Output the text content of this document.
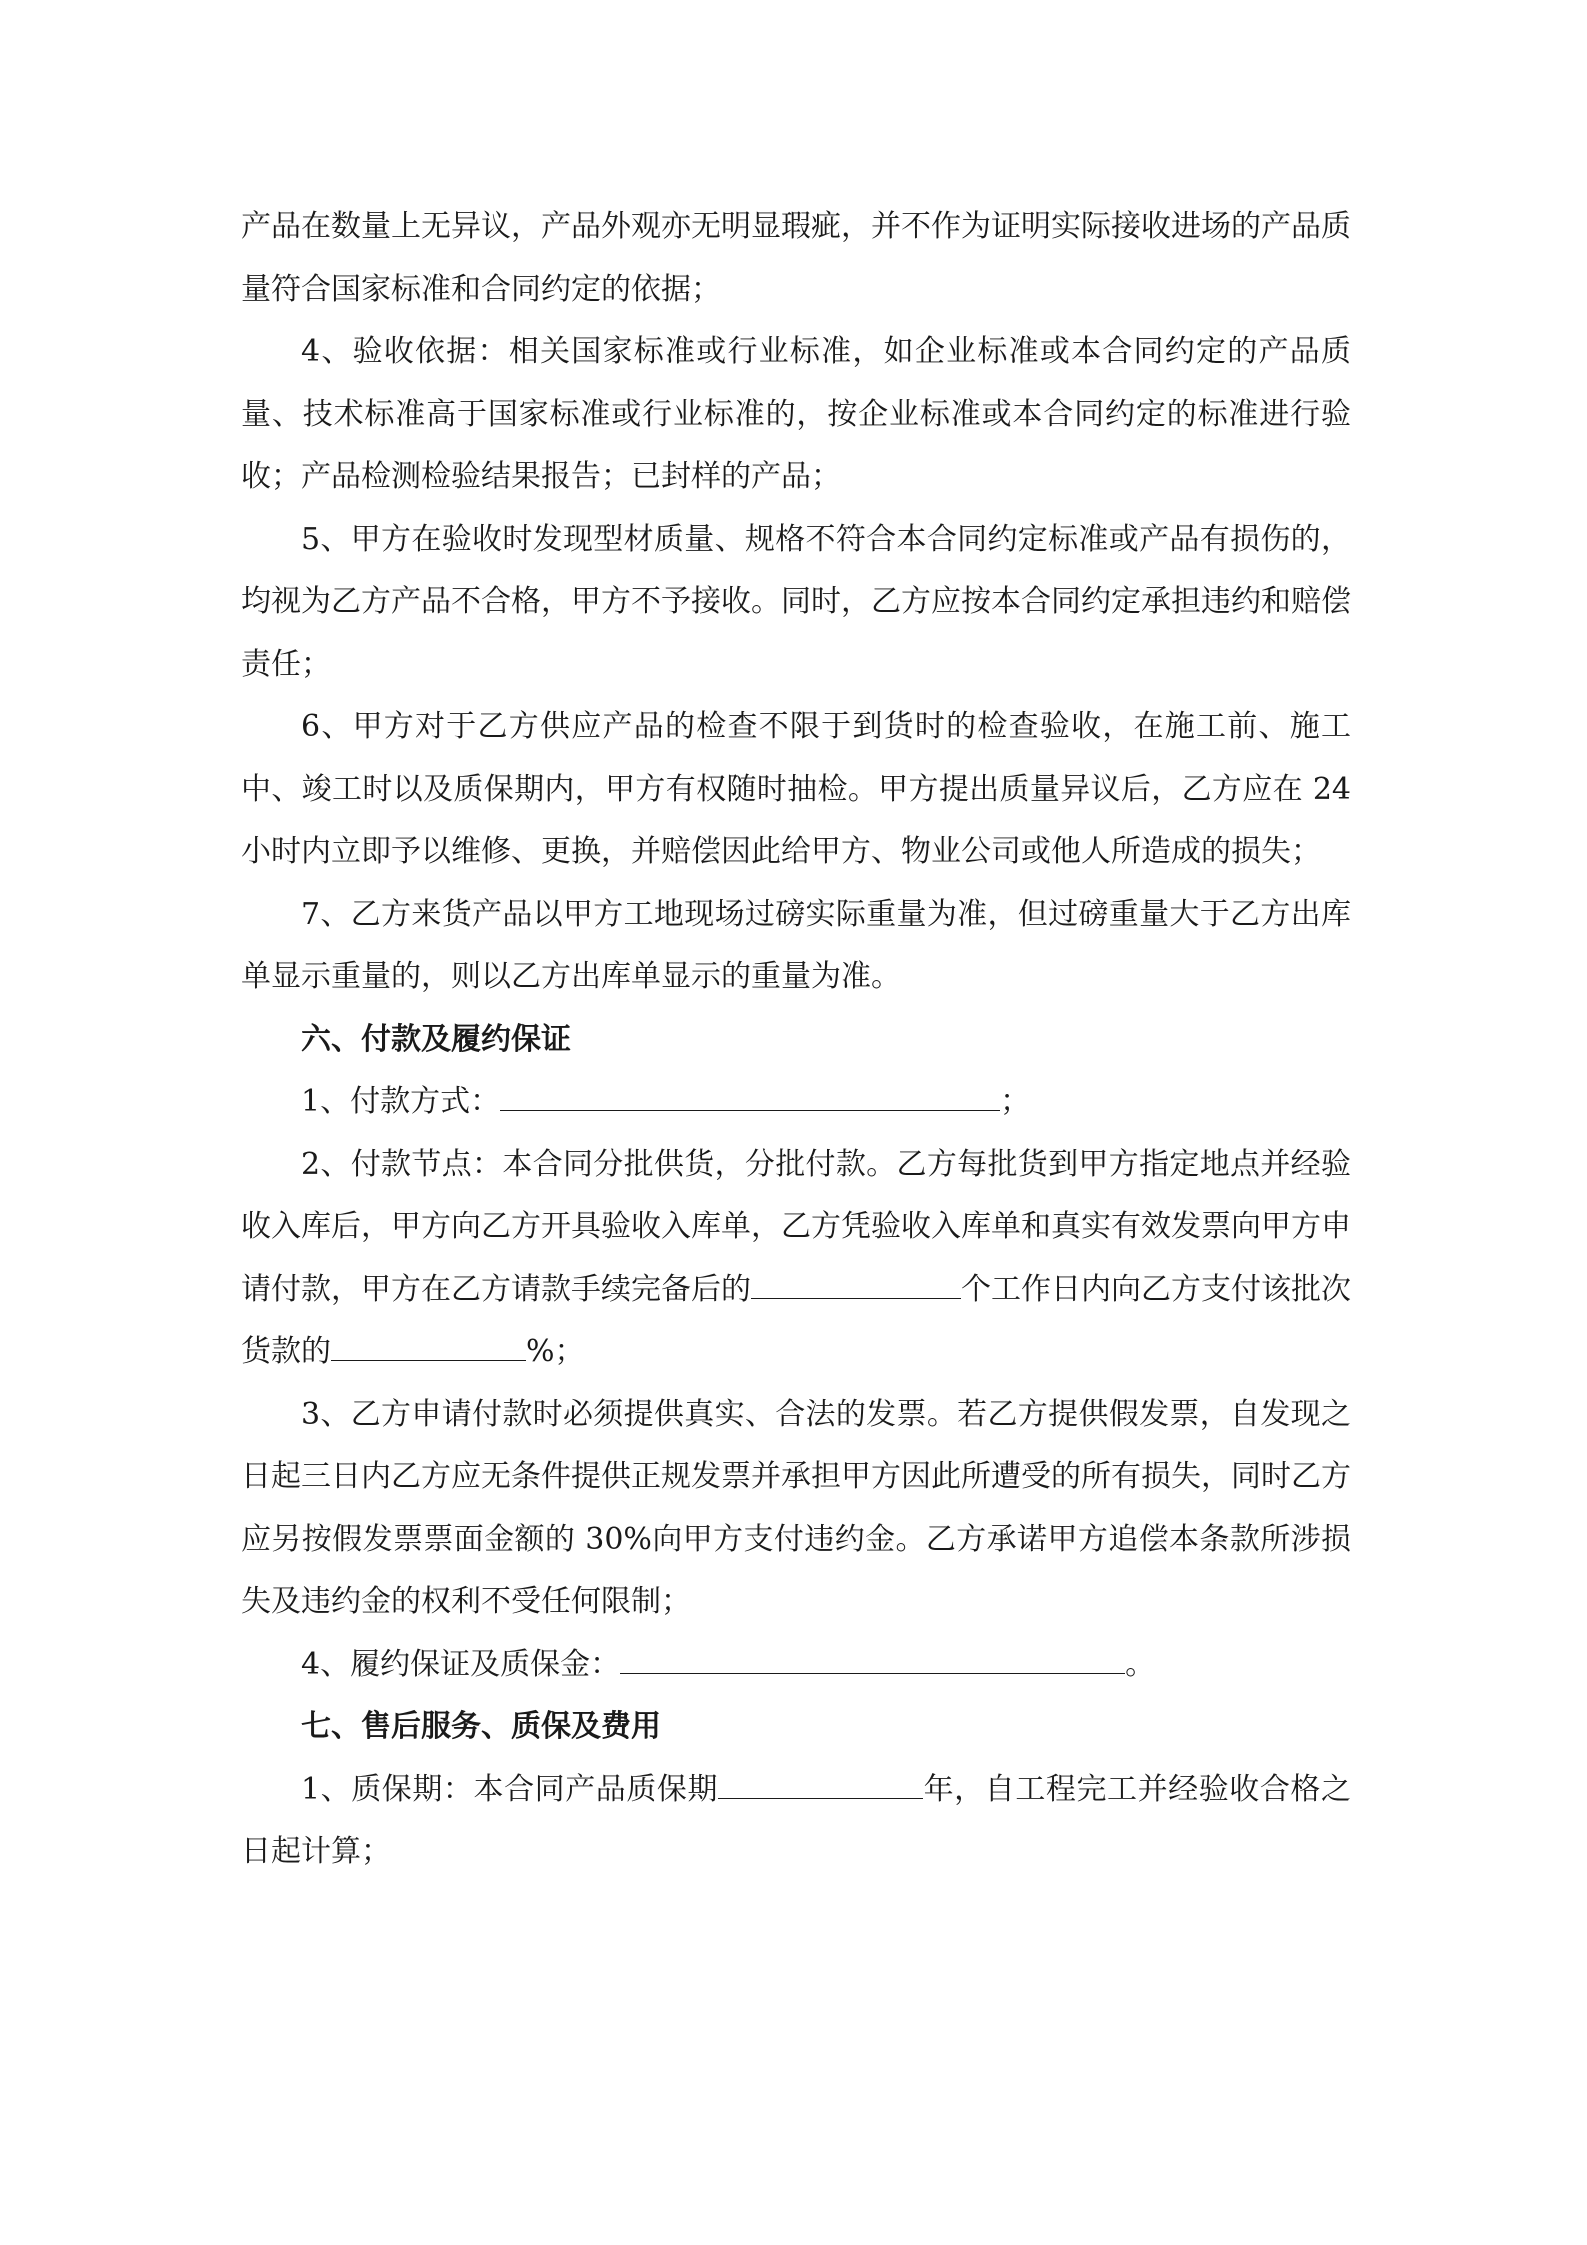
产品在数量上无异议，产品外观亦无明显瑕疵，并不作为证明实际接收进场的产品质量符合国家标准和合同约定的依据；

4、验收依据：相关国家标准或行业标准，如企业标准或本合同约定的产品质量、技术标准高于国家标准或行业标准的，按企业标准或本合同约定的标准进行验收；产品检测检验结果报告；已封样的产品；

5、甲方在验收时发现型材质量、规格不符合本合同约定标准或产品有损伤的，均视为乙方产品不合格，甲方不予接收。同时，乙方应按本合同约定承担违约和赔偿责任；

6、甲方对于乙方供应产品的检查不限于到货时的检查验收，在施工前、施工中、竣工时以及质保期内，甲方有权随时抽检。甲方提出质量异议后，乙方应在 24 小时内立即予以维修、更换，并赔偿因此给甲方、物业公司或他人所造成的损失；

7、乙方来货产品以甲方工地现场过磅实际重量为准，但过磅重量大于乙方出库单显示重量的，则以乙方出库单显示的重量为准。

六、付款及履约保证

1、付款方式：	；

2、付款节点：本合同分批供货，分批付款。乙方每批货到甲方指定地点并经验收入库后，甲方向乙方开具验收入库单，乙方凭验收入库单和真实有效发票向甲方申请付款，甲方在乙方请款手续完备后的	个工作日内向乙方支付该批次货款的	%；

3、乙方申请付款时必须提供真实、合法的发票。若乙方提供假发票，自发现之日起三日内乙方应无条件提供正规发票并承担甲方因此所遭受的所有损失，同时乙方应另按假发票票面金额的 30%向甲方支付违约金。乙方承诺甲方追偿本条款所涉损失及违约金的权利不受任何限制；

4、履约保证及质保金：	。

七、售后服务、质保及费用

1、质保期：本合同产品质保期	年，自工程完工并经验收合格之日起计算；
